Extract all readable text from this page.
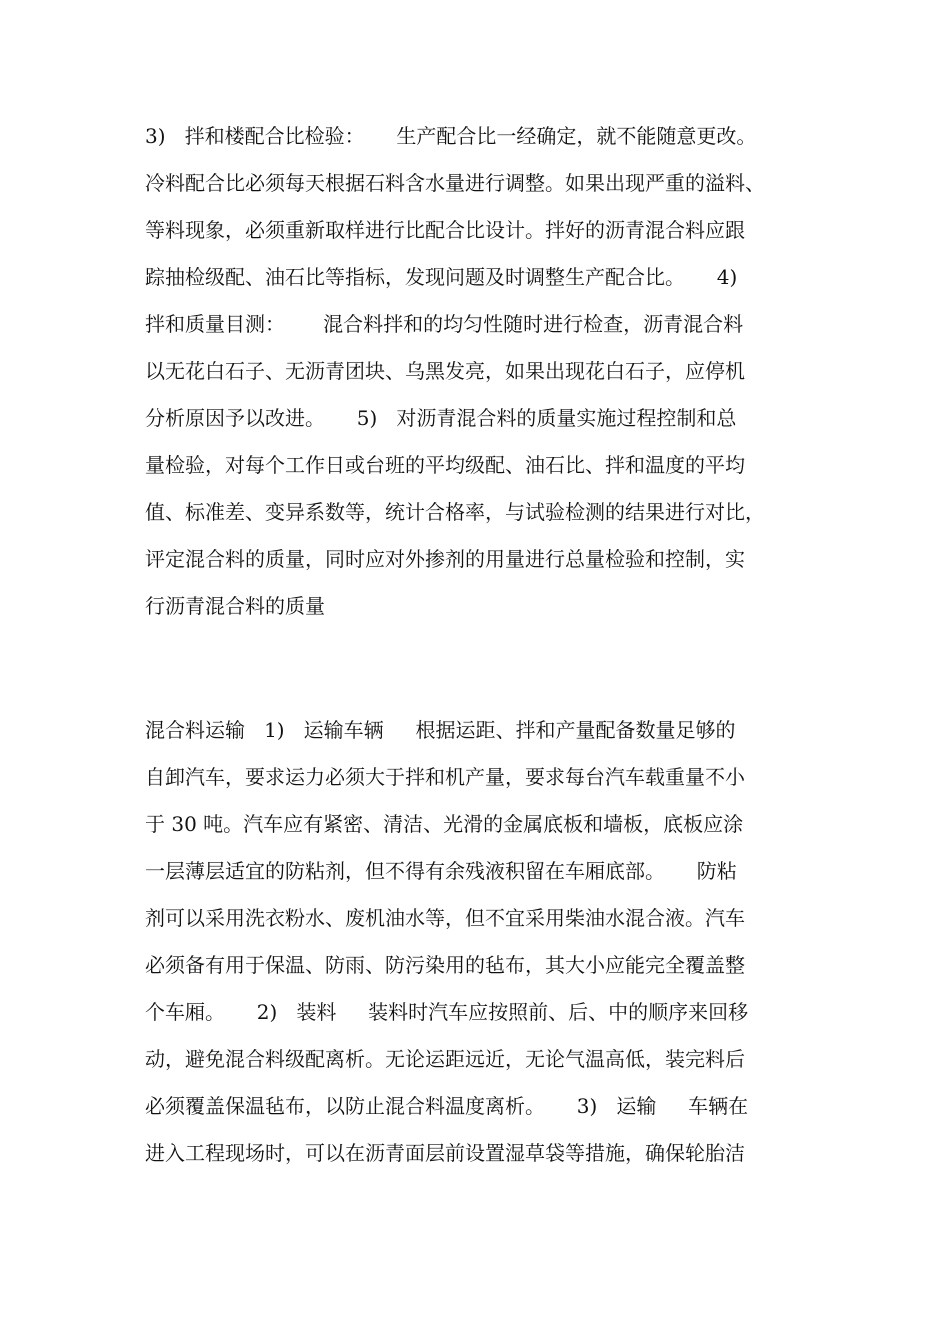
3)   拌和楼配合比检验：     生产配合比一经确定，就不能随意更改。
冷料配合比必须每天根据石料含水量进行调整。如果出现严重的溢料、
等料现象，必须重新取样进行比配合比设计。拌好的沥青混合料应跟
踪抽检级配、油石比等指标，发现问题及时调整生产配合比。     4)
拌和质量目测：      混合料拌和的均匀性随时进行检查，沥青混合料
以无花白石子、无沥青团块、乌黑发亮，如果出现花白石子，应停机
分析原因予以改进。     5)   对沥青混合料的质量实施过程控制和总
量检验，对每个工作日或台班的平均级配、油石比、拌和温度的平均
值、标准差、变异系数等，统计合格率，与试验检测的结果进行对比，
评定混合料的质量，同时应对外掺剂的用量进行总量检验和控制，实
行沥青混合料的质量
混合料运输   1)   运输车辆     根据运距、拌和产量配备数量足够的
自卸汽车，要求运力必须大于拌和机产量，要求每台汽车载重量不小
于 30 吨。汽车应有紧密、清洁、光滑的金属底板和墙板，底板应涂
一层薄层适宜的防粘剂，但不得有余残液积留在车厢底部。     防粘
剂可以采用洗衣粉水、废机油水等，但不宜采用柴油水混合液。汽车
必须备有用于保温、防雨、防污染用的毡布，其大小应能完全覆盖整
个车厢。     2)   装料     装料时汽车应按照前、后、中的顺序来回移
动，避免混合料级配离析。无论运距远近，无论气温高低，装完料后
必须覆盖保温毡布，以防止混合料温度离析。     3)   运输     车辆在
进入工程现场时，可以在沥青面层前设置湿草袋等措施，确保轮胎洁
